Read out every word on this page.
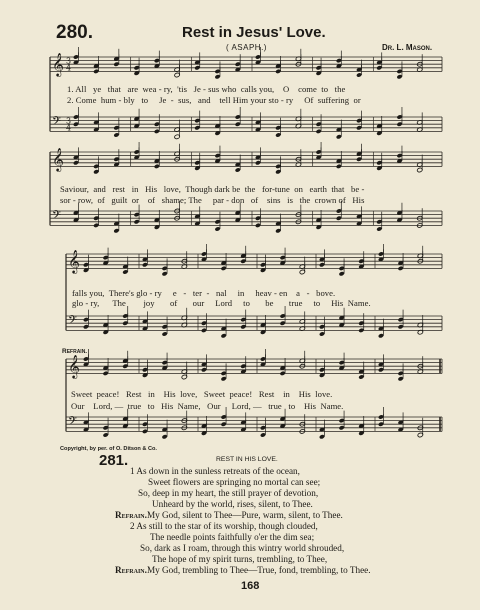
280.	Rest in Jesus' Love.
( ASAPH.)	Dr. L. Mason.
𝄞
𝄢
3
4
3
4
𝄞
𝄢
𝄞
𝄢
𝄞
𝄢
1. All   ye   that   are  wea - ry,  'tis   Je - sus who  calls you,    O    come  to   the
2. Come  hum - bly   to     Je  -  sus,   and    tell Him your sto - ry     Of  suffering  or
Saviour,  and   rest   in   His   love,  Though dark be  the   for-tune  on   earth  that   be -
sor - row,  of   guilt  or    of   shame; The     par - don   of    sins   is   the  crown of   His
falls you,  There's glo - ry     e   -   ter  -   nal     in     heav - en    a   -   bove.
glo - ry,      The        joy       of       our     Lord     to       be       true     to     His  Name.
Refrain.
Sweet  peace!   Rest   in    His  love,   Sweet  peace!   Rest    in    His  love.
Our    Lord, —  true   to   His  Name,   Our     Lord, —   true   to    His  Name.
Copyright, by per. of O. Ditson & Co.
281.	REST IN HIS LOVE.
1 As down in the sunless retreats of the ocean,
Sweet flowers are springing no mortal can see;
So, deep in my heart, the still prayer of devotion,
Unheard by the world, rises, silent, to Thee.
Refrain.My God, silent to Thee—Pure, warm, silent, to Thee.
2 As still to the star of its worship, though clouded,
The needle points faithfully o'er the dim sea;
So, dark as I roam, through this wintry world shrouded,
The hope of my spirit turns, trembling, to Thee,
Refrain.My God, trembling to Thee—True, fond, trembling, to Thee.
168
